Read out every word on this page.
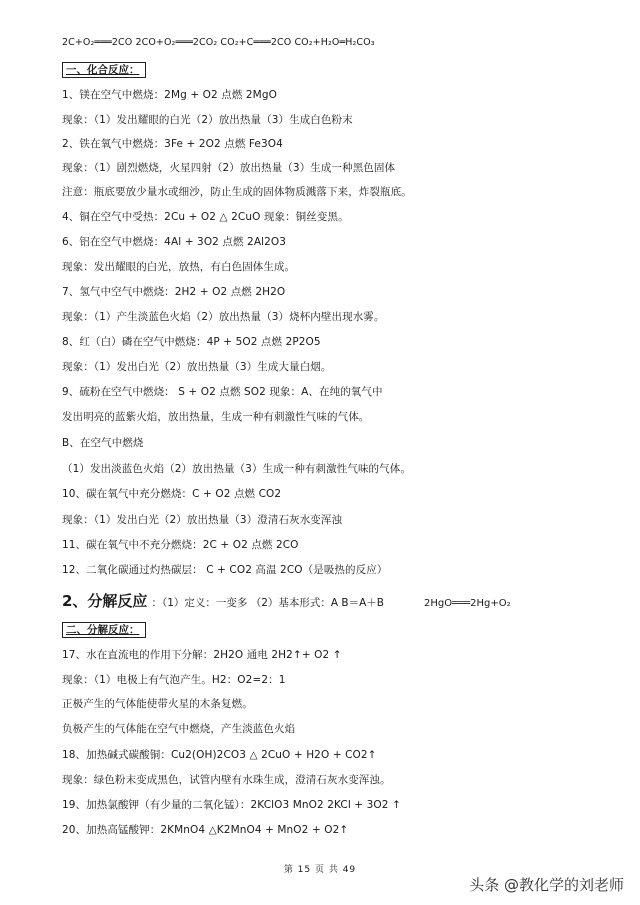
2C+O₂═══2CO 2CO+O₂═══2CO₂ CO₂+C═══2CO CO₂+H₂O═H₂CO₃
一、化合反应：
1、镁在空气中燃烧：2Mg + O2 点燃 2MgO
现象：（1）发出耀眼的白光（2）放出热量（3）生成白色粉末
2、铁在氧气中燃烧：3Fe + 2O2 点燃 Fe3O4
现象：（1）剧烈燃烧，火星四射（2）放出热量（3）生成一种黑色固体
注意：瓶底要放少量水或细沙，防止生成的固体物质溅落下来，炸裂瓶底。
4、铜在空气中受热：2Cu + O2 △ 2CuO 现象：铜丝变黑。
6、铝在空气中燃烧：4Al + 3O2 点燃 2Al2O3
现象：发出耀眼的白光，放热，有白色固体生成。
7、氢气中空气中燃烧：2H2 + O2 点燃 2H2O
现象：（1）产生淡蓝色火焰（2）放出热量（3）烧杯内壁出现水雾。
8、红（白）磷在空气中燃烧：4P + 5O2 点燃 2P2O5
现象：（1）发出白光（2）放出热量（3）生成大量白烟。
9、硫粉在空气中燃烧： S + O2 点燃 SO2 现象：A、在纯的氧气中
发出明亮的蓝紫火焰，放出热量，生成一种有刺激性气味的气体。
B、在空气中燃烧
（1）发出淡蓝色火焰（2）放出热量（3）生成一种有刺激性气味的气体。
10、碳在氧气中充分燃烧：C + O2 点燃 CO2
现象：（1）发出白光（2）放出热量（3）澄清石灰水变浑浊
11、碳在氧气中不充分燃烧：2C + O2 点燃 2CO
12、二氧化碳通过灼热碳层： C + CO2 高温 2CO（是吸热的反应）
2、分解反应 ：（1）定义：一变多 （2）基本形式：A B＝A＋B	2HgO═══2Hg+O₂
二、分解反应：
17、水在直流电的作用下分解：2H2O 通电 2H2↑+ O2 ↑
现象：（1）电极上有气泡产生。H2：O2=2：1
正极产生的气体能使带火星的木条复燃。
负极产生的气体能在空气中燃烧，产生淡蓝色火焰
18、加热碱式碳酸铜：Cu2(OH)2CO3 △ 2CuO + H2O + CO2↑
现象：绿色粉末变成黑色，试管内壁有水珠生成，澄清石灰水变浑浊。
19、加热氯酸钾（有少量的二氧化锰）：2KClO3 MnO2 2KCl + 3O2 ↑
20、加热高锰酸钾：2KMnO4 △K2MnO4 + MnO2 + O2↑
第 15 页 共 49
头条 @教化学的刘老师
